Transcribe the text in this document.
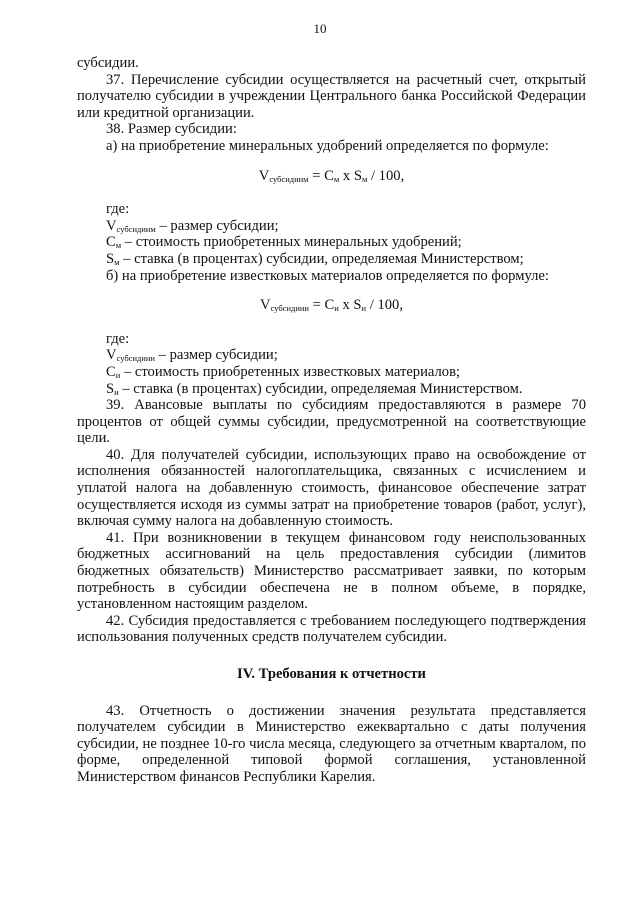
10

субсидии.

37. Перечисление субсидии осуществляется на расчетный счет, открытый получателю субсидии в учреждении Центрального банка Российской Федерации или кредитной организации.

38. Размер субсидии:

а) на приобретение минеральных удобрений определяется по формуле:

$V_{субсидиим} = С_м$ х $S_м / 100$,

где:

$V_{субсидиим}$ – размер субсидии;

$С_м$ – стоимость приобретенных минеральных удобрений;

$S_м$ – ставка (в процентах) субсидии, определяемая Министерством;

б) на приобретение известковых материалов определяется по формуле:

$V_{субсидиии} = С_и$ х $S_и / 100$,

где:

$V_{субсидиии}$ – размер субсидии;

$С_и$ – стоимость приобретенных известковых материалов;

$S_и$ – ставка (в процентах) субсидии, определяемая Министерством.

39. Авансовые выплаты по субсидиям предоставляются в размере 70 процентов от общей суммы субсидии, предусмотренной на соответствующие цели.

40. Для получателей субсидии, использующих право на освобождение от исполнения обязанностей налогоплательщика, связанных с исчислением и уплатой налога на добавленную стоимость, финансовое обеспечение затрат осуществляется исходя из суммы затрат на приобретение товаров (работ, услуг), включая сумму налога на добавленную стоимость.

41. При возникновении в текущем финансовом году неиспользованных бюджетных ассигнований на цель предоставления субсидии (лимитов бюджетных обязательств) Министерство рассматривает заявки, по которым потребность в субсидии обеспечена не в полном объеме, в порядке, установленном настоящим разделом.

42. Субсидия предоставляется с требованием последующего подтверждения использования полученных средств получателем субсидии.

IV. Требования к отчетности

43. Отчетность о достижении значения результата представляется получателем субсидии в Министерство ежеквартально с даты получения субсидии, не позднее 10-го числа месяца, следующего за отчетным кварталом, по форме, определенной типовой формой соглашения, установленной Министерством финансов Республики Карелия.
